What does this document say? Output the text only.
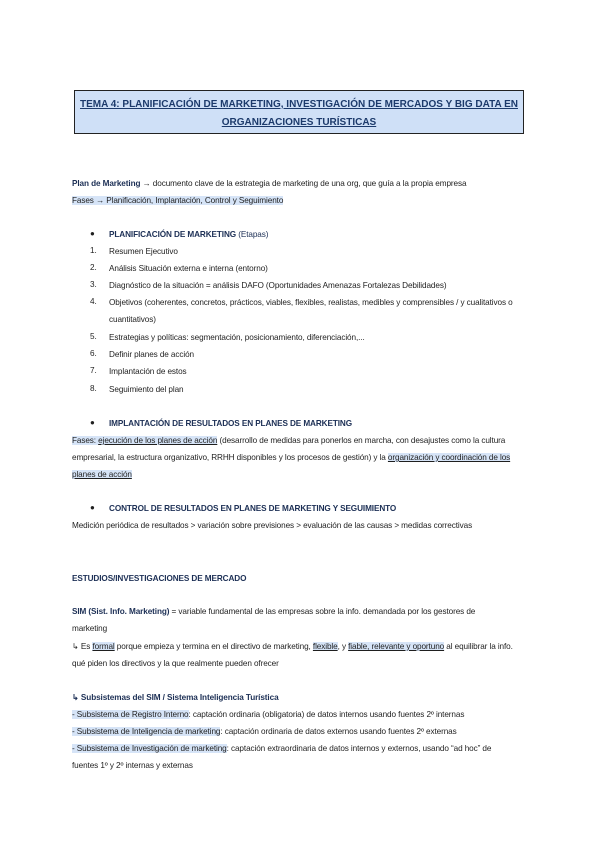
TEMA 4: PLANIFICACIÓN DE MARKETING, INVESTIGACIÓN DE MERCADOS Y BIG DATA EN
ORGANIZACIONES TURÍSTICAS
Plan de Marketing → documento clave de la estrategia de marketing de una org, que guía a la propia empresa
Fases → Planificación, Implantación, Control y Seguimiento
● PLANIFICACIÓN DE MARKETING (Etapas)
1.	Resumen Ejecutivo
2.	Análisis Situación externa e interna (entorno)
3.	Diagnóstico de la situación = análisis DAFO (Oportunidades Amenazas Fortalezas Debilidades)
4.	Objetivos (coherentes, concretos, prácticos, viables, flexibles, realistas, medibles y comprensibles / y cualitativos o
cuantitativos)
5.	Estrategias y políticas: segmentación, posicionamiento, diferenciación,...
6.	Definir planes de acción
7.	Implantación de estos
8.	Seguimiento del plan
● IMPLANTACIÓN DE RESULTADOS EN PLANES DE MARKETING
Fases: ejecución de los planes de acción (desarrollo de medidas para ponerlos en marcha, con desajustes como la cultura
empresarial, la estructura organizativo, RRHH disponibles y los procesos de gestión) y la organización y coordinación de los
planes de acción
● CONTROL DE RESULTADOS EN PLANES DE MARKETING Y SEGUIMIENTO
Medición periódica de resultados > variación sobre previsiones > evaluación de las causas > medidas correctivas
ESTUDIOS/INVESTIGACIONES DE MERCADO
SIM (Sist. Info. Marketing) = variable fundamental de las empresas sobre la info. demandada por los gestores de
marketing
↳ Es formal porque empieza y termina en el directivo de marketing, flexible, y fiable, relevante y oportuno al equilibrar la info.
qué piden los directivos y la que realmente pueden ofrecer
↳ Subsistemas del SIM / Sistema Inteligencia Turística
- Subsistema de Registro Interno: captación ordinaria (obligatoria) de datos internos usando fuentes 2º internas
- Subsistema de Inteligencia de marketing: captación ordinaria de datos externos usando fuentes 2º externas
- Subsistema de Investigación de marketing: captación extraordinaria de datos internos y externos, usando “ad hoc” de
fuentes 1º y 2º internas y externas
